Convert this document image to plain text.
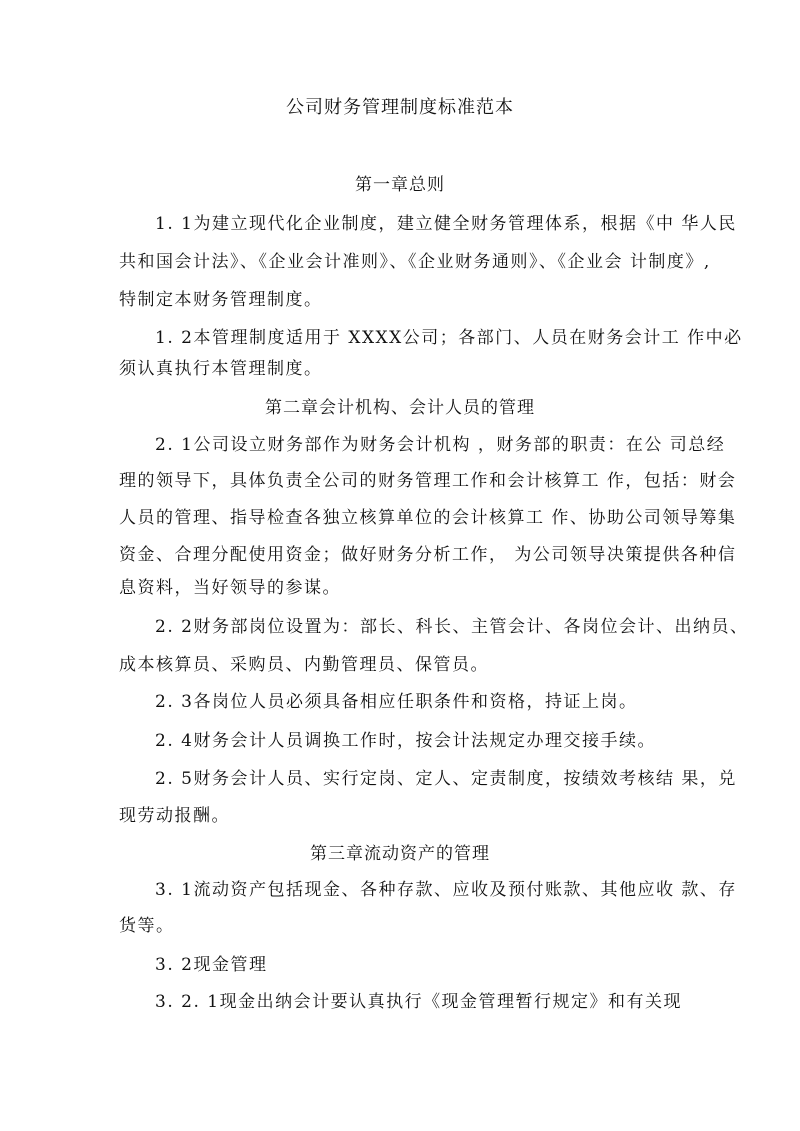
公司财务管理制度标准范本
第一章总则
1. 1为建立现代化企业制度，建立健全财务管理体系，根据《中 华人民
共和国会计法》、《企业会计准则》、《企业财务通则》、《企业会 计制度》,
特制定本财务管理制度。
1. 2本管理制度适用于 XXXX公司；各部门、人员在财务会计工 作中必
须认真执行本管理制度。
第二章会计机构、会计人员的管理
2. 1公司设立财务部作为财务会计机构 ，财务部的职责：在公 司总经
理的领导下，具体负责全公司的财务管理工作和会计核算工 作，包括：财会
人员的管理、指导检查各独立核算单位的会计核算工 作、协助公司领导筹集
资金、合理分配使用资金；做好财务分析工作， 为公司领导决策提供各种信
息资料，当好领导的参谋。
2. 2财务部岗位设置为：部长、科长、主管会计、各岗位会计、出纳员、
成本核算员、采购员、内勤管理员、保管员。
2. 3各岗位人员必须具备相应任职条件和资格，持证上岗。
2. 4财务会计人员调换工作时，按会计法规定办理交接手续。
2. 5财务会计人员、实行定岗、定人、定责制度，按绩效考核结 果，兑
现劳动报酬。
第三章流动资产的管理
3. 1流动资产包括现金、各种存款、应收及预付账款、其他应收 款、存
货等。
3. 2现金管理
3. 2. 1现金出纳会计要认真执行《现金管理暂行规定》和有关现
